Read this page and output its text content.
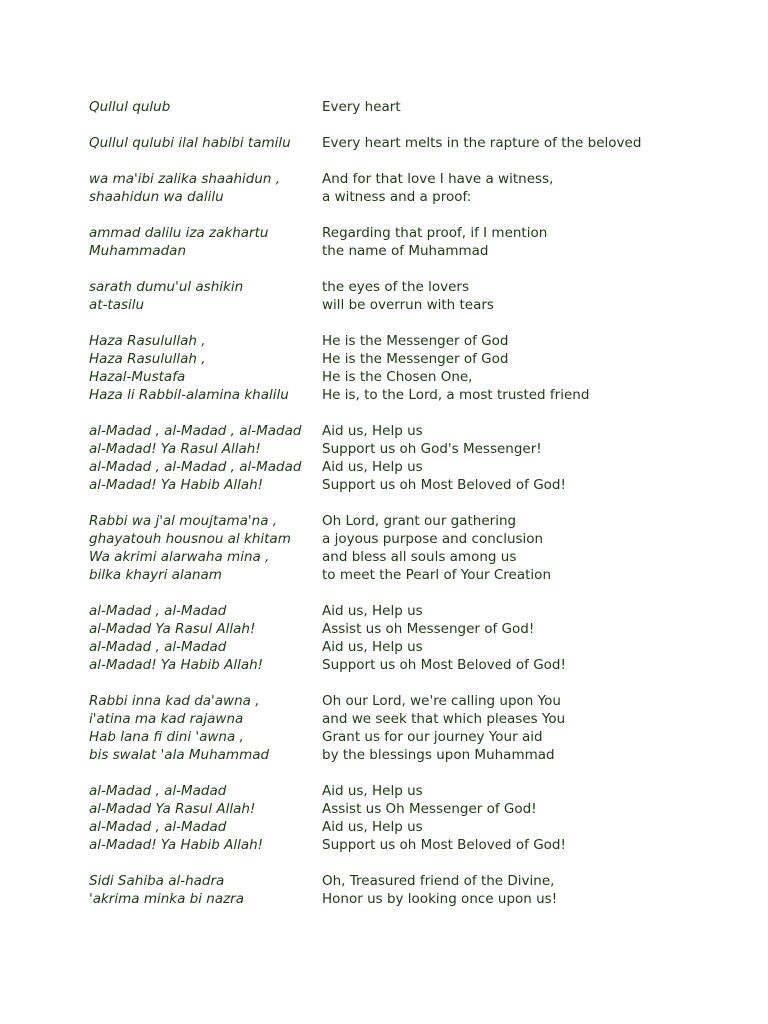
Qullul qulub	Every heart
Qullul qulubi ilal habibi tamilu	Every heart melts in the rapture of the beloved
wa ma'ibi zalika shaahidun ,	And for that love I have a witness,
shaahidun wa dalilu	a witness and a proof:
ammad dalilu iza zakhartu	Regarding that proof, if I mention
Muhammadan	the name of Muhammad
sarath dumu'ul ashikin	the eyes of the lovers
at-tasilu	will be overrun with tears
Haza Rasulullah ,	He is the Messenger of God
Haza Rasulullah ,	He is the Messenger of God
Hazal-Mustafa	He is the Chosen One,
Haza li Rabbil-alamina khalilu	He is, to the Lord, a most trusted friend
al-Madad , al-Madad , al-Madad	Aid us, Help us
al-Madad! Ya Rasul Allah!	Support us oh God's Messenger!
al-Madad , al-Madad , al-Madad	Aid us, Help us
al-Madad! Ya Habib Allah!	Support us oh Most Beloved of God!
Rabbi wa j'al moujtama'na ,	Oh Lord, grant our gathering
ghayatouh housnou al khitam	a joyous purpose and conclusion
Wa akrimi alarwaha mina ,	and bless all souls among us
bilka khayri alanam	to meet the Pearl of Your Creation
al-Madad , al-Madad	Aid us, Help us
al-Madad Ya Rasul Allah!	Assist us oh Messenger of God!
al-Madad , al-Madad	Aid us, Help us
al-Madad! Ya Habib Allah!	Support us oh Most Beloved of God!
Rabbi inna kad da'awna ,	Oh our Lord, we're calling upon You
i'atina ma kad rajawna	and we seek that which pleases You
Hab lana fi dini 'awna ,	Grant us for our journey Your aid
bis swalat 'ala Muhammad	by the blessings upon Muhammad
al-Madad , al-Madad	Aid us, Help us
al-Madad Ya Rasul Allah!	Assist us Oh Messenger of God!
al-Madad , al-Madad	Aid us, Help us
al-Madad! Ya Habib Allah!	Support us oh Most Beloved of God!
Sidi Sahiba al-hadra	Oh, Treasured friend of the Divine,
'akrima minka bi nazra	Honor us by looking once upon us!
